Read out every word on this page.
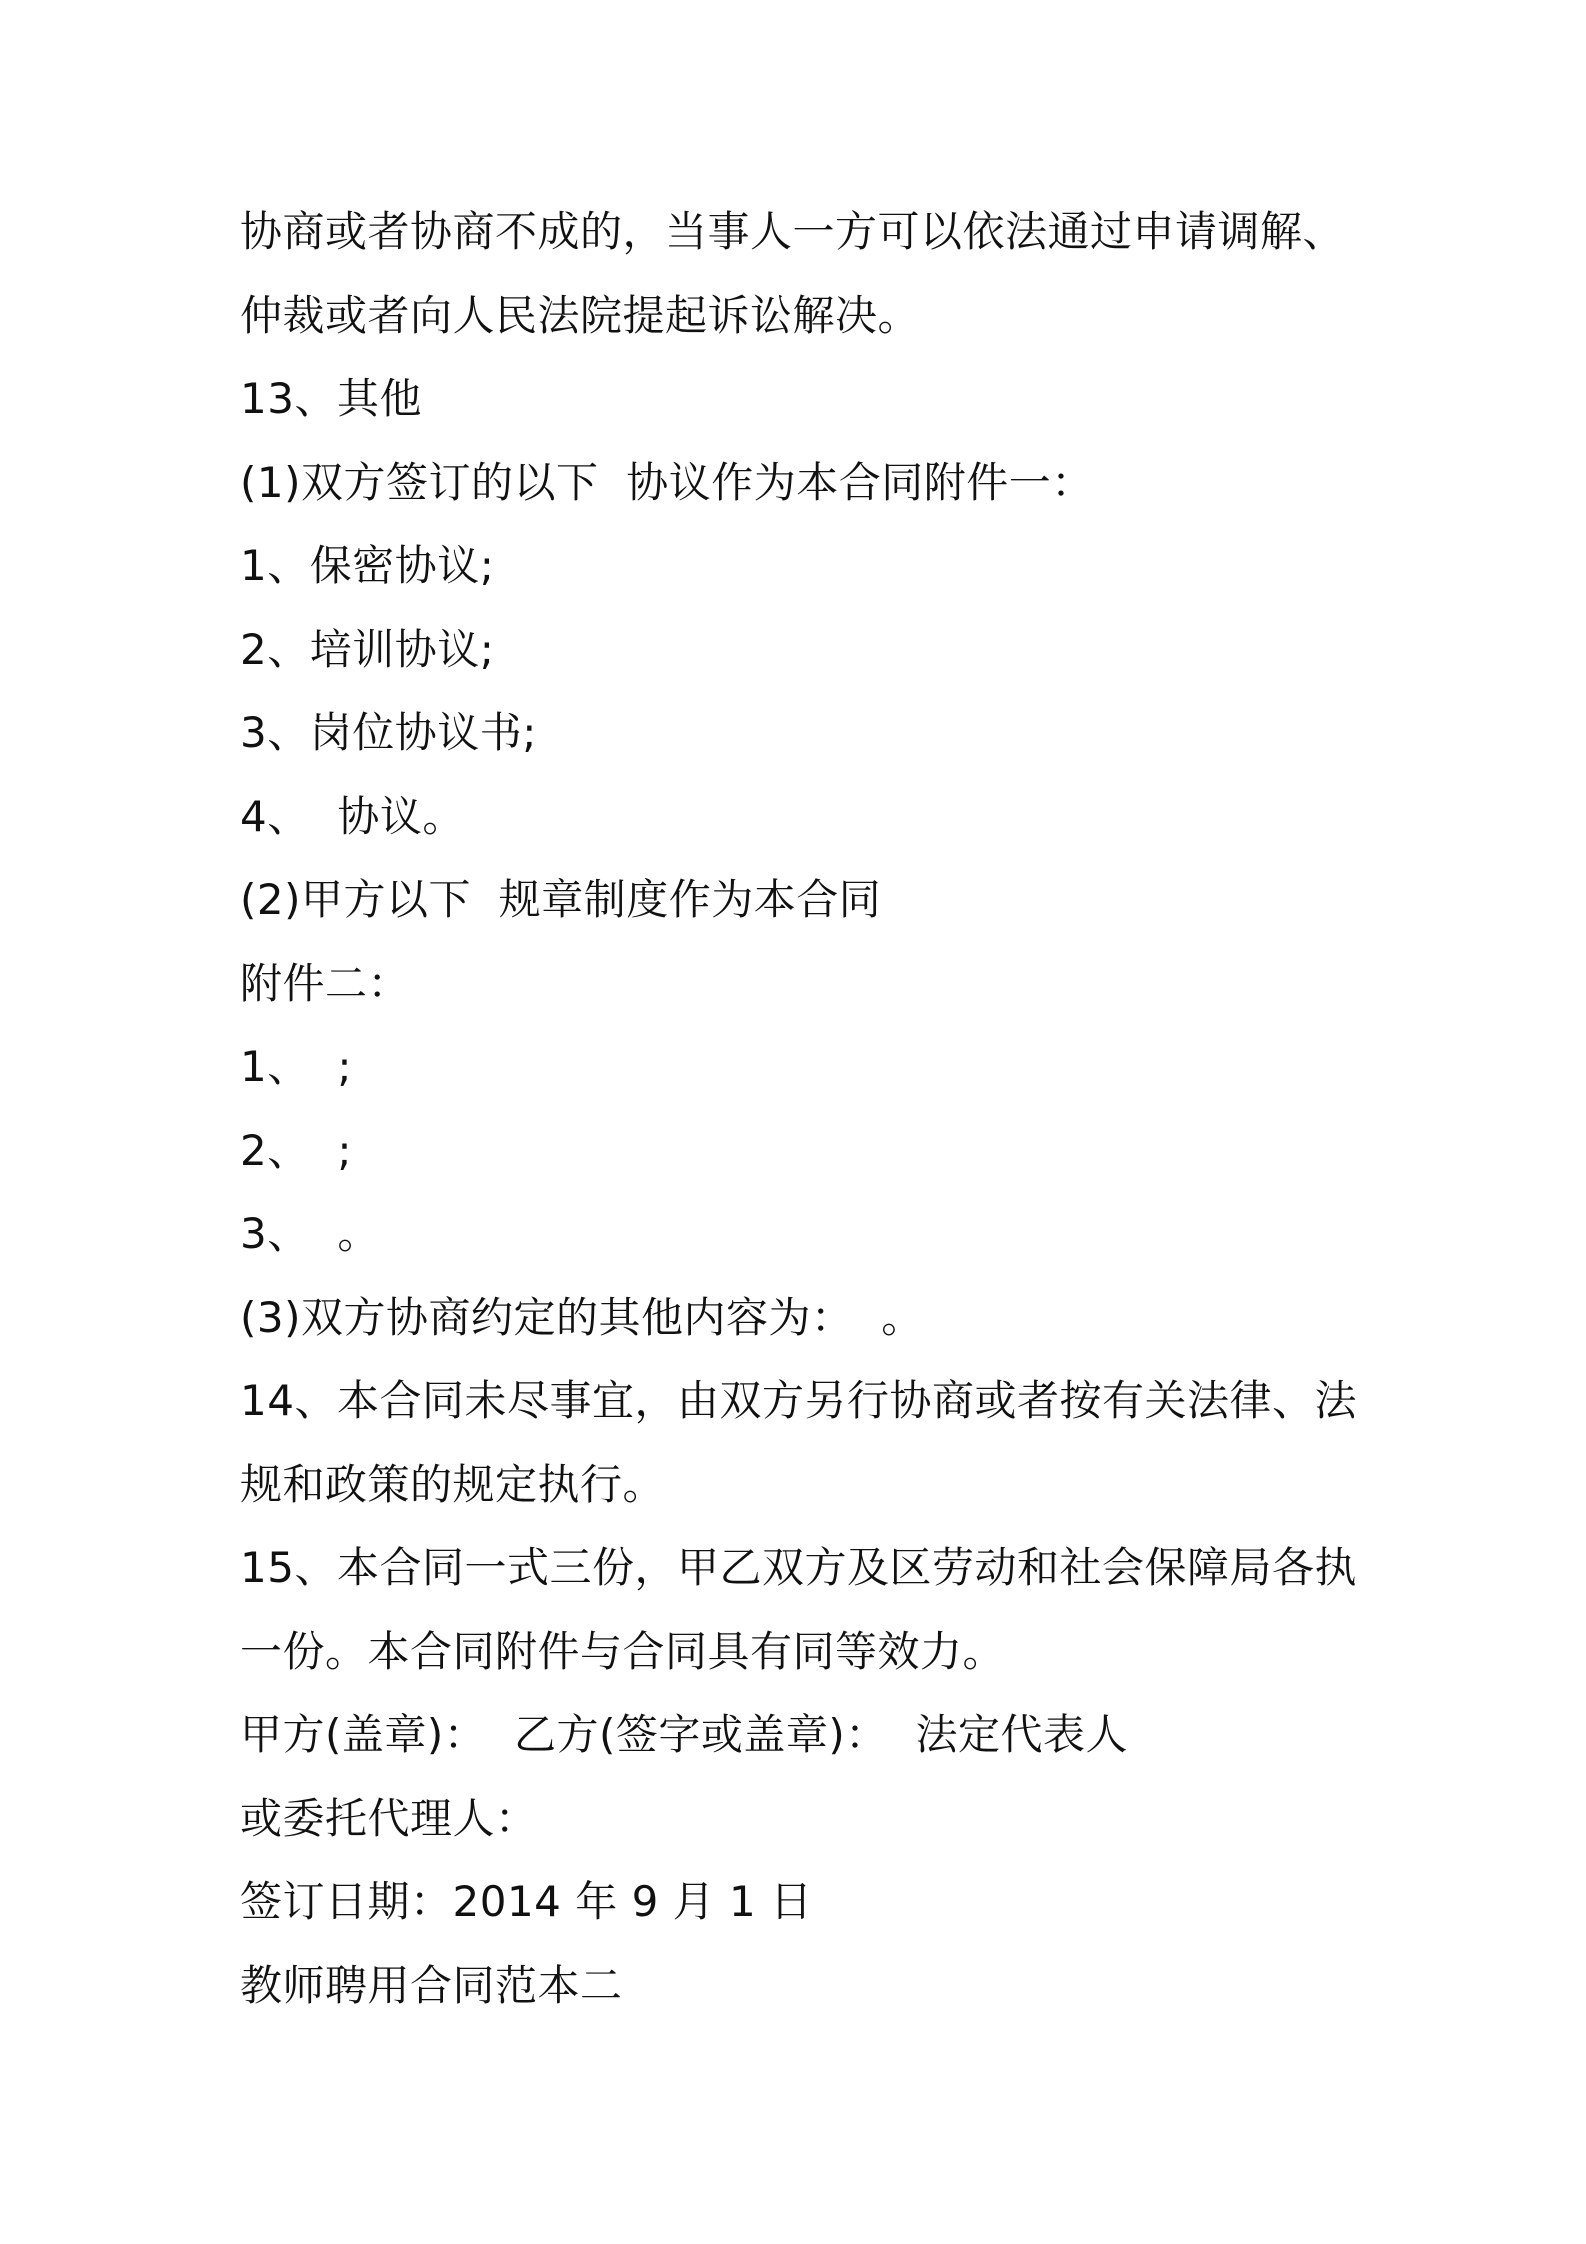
协商或者协商不成的，当事人一方可以依法通过申请调解、
仲裁或者向人民法院提起诉讼解决。
13、其他
(1)双方签订的以下  协议作为本合同附件一：
1、保密协议;
2、培训协议;
3、岗位协议书;
4、  协议。
(2)甲方以下  规章制度作为本合同
附件二：
1、  ;
2、  ;
3、  。
(3)双方协商约定的其他内容为：  。
14、本合同未尽事宜，由双方另行协商或者按有关法律、法
规和政策的规定执行。
15、本合同一式三份，甲乙双方及区劳动和社会保障局各执
一份。本合同附件与合同具有同等效力。
甲方(盖章)：  乙方(签字或盖章)：  法定代表人
或委托代理人：
签订日期：2014 年 9 月 1 日
教师聘用合同范本二
